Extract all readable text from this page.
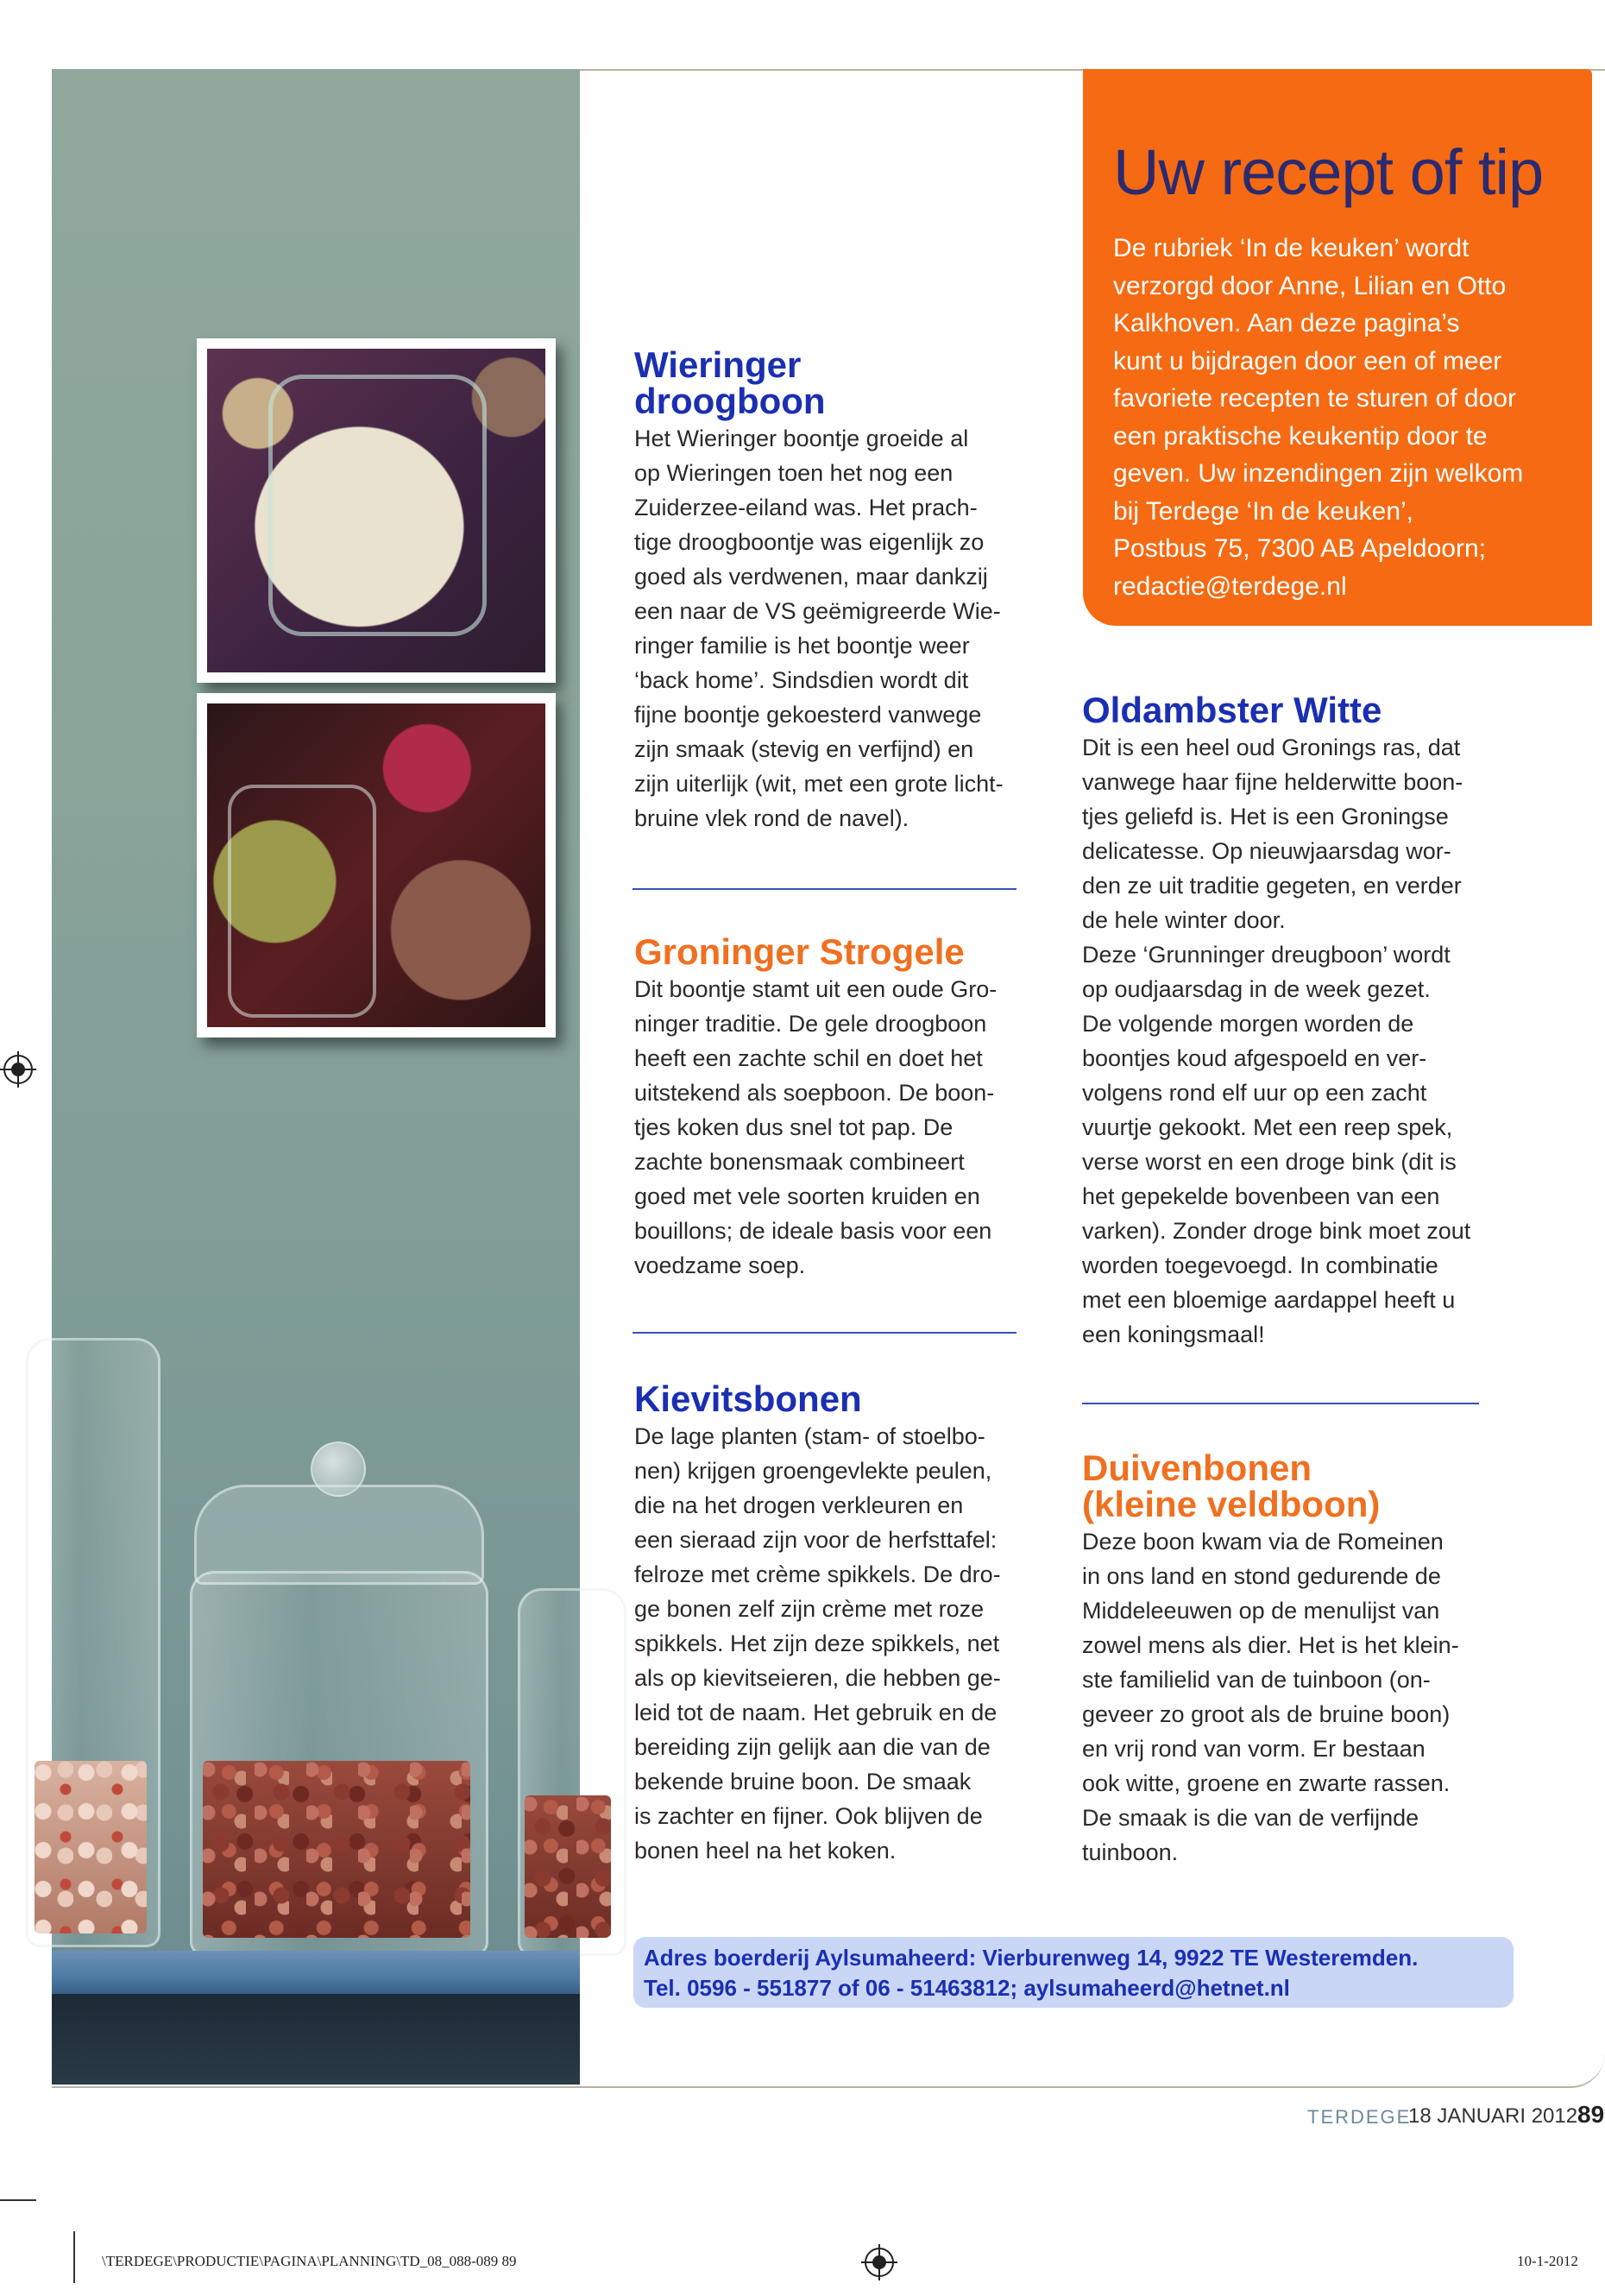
Wieringer
droogboon

Het Wieringer boontje groeide al
op Wieringen toen het nog een
Zuiderzee-eiland was. Het prach-
tige droogboontje was eigenlijk zo
goed als verdwenen, maar dankzij
een naar de VS geëmigreerde Wie-
ringer familie is het boontje weer
‘back home’. Sindsdien wordt dit
fijne boontje gekoesterd vanwege
zijn smaak (stevig en verfijnd) en
zijn uiterlijk (wit, met een grote licht-
bruine vlek rond de navel).

Groninger Strogele

Dit boontje stamt uit een oude Gro-
ninger traditie. De gele droogboon
heeft een zachte schil en doet het
uitstekend als soepboon. De boon-
tjes koken dus snel tot pap. De
zachte bonensmaak combineert
goed met vele soorten kruiden en
bouillons; de ideale basis voor een
voedzame soep.

Kievitsbonen

De lage planten (stam- of stoelbo-
nen) krijgen groengevlekte peulen,
die na het drogen verkleuren en
een sieraad zijn voor de herfsttafel:
felroze met crème spikkels. De dro-
ge bonen zelf zijn crème met roze
spikkels. Het zijn deze spikkels, net
als op kievitseieren, die hebben ge-
leid tot de naam. Het gebruik en de
bereiding zijn gelijk aan die van de
bekende bruine boon. De smaak
is zachter en fijner. Ook blijven de
bonen heel na het koken.

Uw recept of tip

De rubriek ‘In de keuken’ wordt
verzorgd door Anne, Lilian en Otto
Kalkhoven. Aan deze pagina’s
kunt u bijdragen door een of meer
favoriete recepten te sturen of door
een praktische keukentip door te
geven. Uw inzendingen zijn welkom
bij Terdege ‘In de keuken’,
Postbus 75, 7300 AB Apeldoorn;
redactie@terdege.nl

Oldambster Witte

Dit is een heel oud Gronings ras, dat
vanwege haar fijne helderwitte boon-
tjes geliefd is. Het is een Groningse
delicatesse. Op nieuwjaarsdag wor-
den ze uit traditie gegeten, en verder
de hele winter door.
Deze ‘Grunninger dreugboon’ wordt
op oudjaarsdag in de week gezet.
De volgende morgen worden de
boontjes koud afgespoeld en ver-
volgens rond elf uur op een zacht
vuurtje gekookt. Met een reep spek,
verse worst en een droge bink (dit is
het gepekelde bovenbeen van een
varken). Zonder droge bink moet zout
worden toegevoegd. In combinatie
met een bloemige aardappel heeft u
een koningsmaal!

Duivenbonen
(kleine veldboon)

Deze boon kwam via de Romeinen
in ons land en stond gedurende de
Middeleeuwen op de menulijst van
zowel mens als dier. Het is het klein-
ste familielid van de tuinboon (on-
geveer zo groot als de bruine boon)
en vrij rond van vorm. Er bestaan
ook witte, groene en zwarte rassen.
De smaak is die van de verfijnde
tuinboon.

Adres boerderij Aylsumaheerd: Vierburenweg 14, 9922 TE Westeremden.

Tel. 0596 - 551877 of 06 - 51463812; aylsumaheerd@hetnet.nl

TERDEGE
18 JANUARI 2012 89
\TERDEGE\PRODUCTIE\PAGINA\PLANNING\TD_08_088-089 89	10-1-2012
